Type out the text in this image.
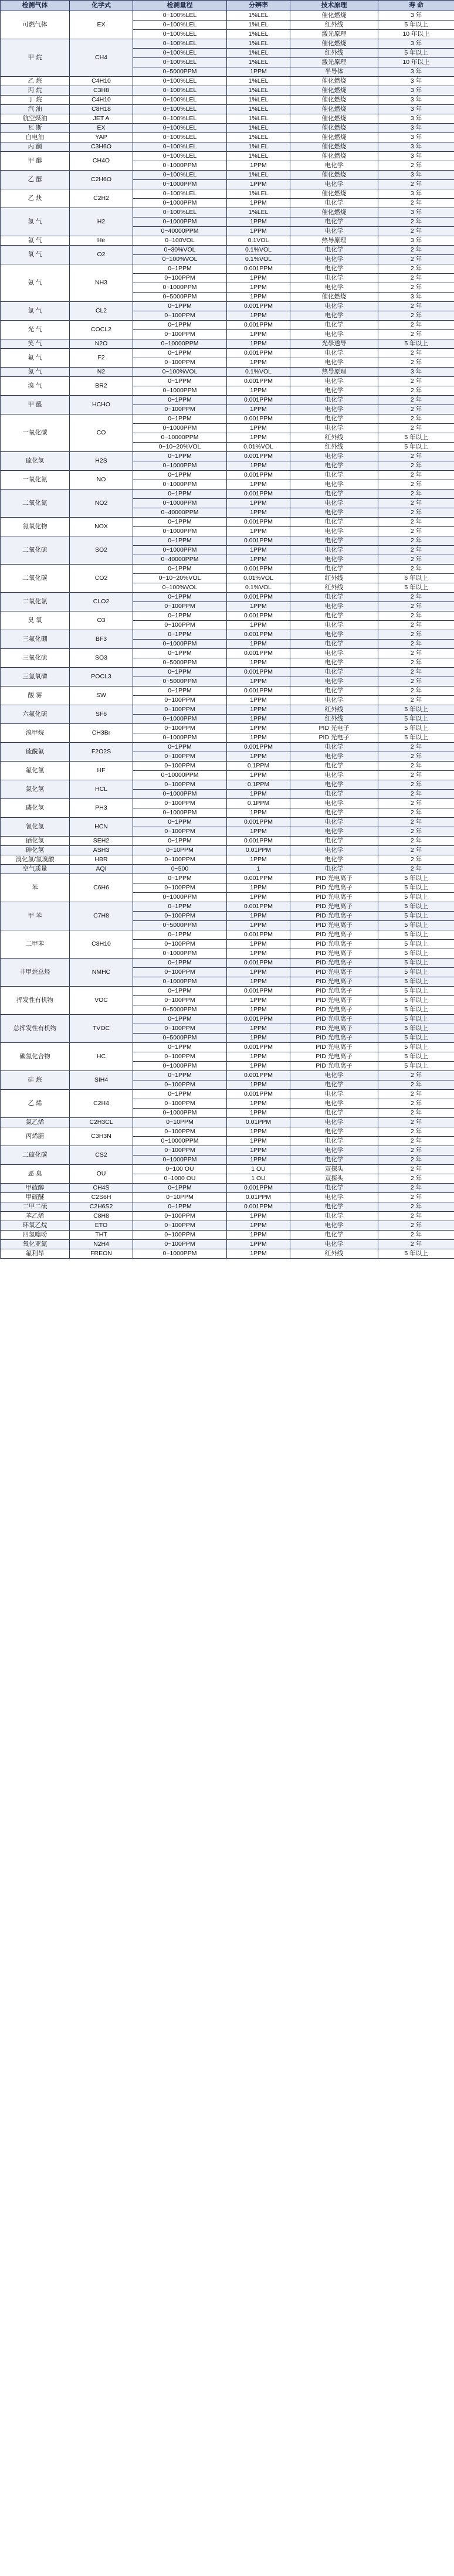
检测气体	化学式	检测量程	分辨率	技术原理	寿 命
可燃气体	EX	0~100%LEL	1%LEL	催化燃烧	3 年
		0~100%LEL	1%LEL	红外线	5 年以上
		0~100%LEL	1%LEL	激光原理	10 年以上
甲 烷	CH4	0~100%LEL	1%LEL	催化燃烧	3 年
		0~100%LEL	1%LEL	红外线	5 年以上
		0~100%LEL	1%LEL	激光原理	10 年以上
		0~5000PPM	1PPM	半导体	3 年
乙 烷	C4H10	0~100%LEL	1%LEL	催化燃烧	3 年
丙 烷	C3H8	0~100%LEL	1%LEL	催化燃烧	3 年
丁 烷	C4H10	0~100%LEL	1%LEL	催化燃烧	3 年
汽 油	C8H18	0~100%LEL	1%LEL	催化燃烧	3 年
航空煤油	JET A	0~100%LEL	1%LEL	催化燃烧	3 年
瓦 斯	EX	0~100%LEL	1%LEL	催化燃烧	3 年
白电油	YAP	0~100%LEL	1%LEL	催化燃烧	3 年
丙 酮	C3H6O	0~100%LEL	1%LEL	催化燃烧	3 年
甲 醇	CH4O	0~100%LEL	1%LEL	催化燃烧	3 年
		0~1000PPM	1PPM	电化学	2 年
乙 醇	C2H6O	0~100%LEL	1%LEL	催化燃烧	3 年
		0~1000PPM	1PPM	电化学	2 年
乙 炔	C2H2	0~100%LEL	1%LEL	催化燃烧	3 年
		0~1000PPM	1PPM	电化学	2 年
氢 气	H2	0~100%LEL	1%LEL	催化燃烧	3 年
		0~1000PPM	1PPM	电化学	2 年
		0~40000PPM	1PPM	电化学	2 年
氦 气	He	0~100VOL	0.1VOL	热导原理	3 年
氧 气	O2	0~30%VOL	0.1%VOL	电化学	2 年
		0~100%VOL	0.1%VOL	电化学	2 年
氨 气	NH3	0~1PPM	0.001PPM	电化学	2 年
		0~100PPM	1PPM	电化学	2 年
		0~1000PPM	1PPM	电化学	2 年
		0~5000PPM	1PPM	催化燃烧	3 年
氯 气	CL2	0~1PPM	0.001PPM	电化学	2 年
		0~100PPM	1PPM	电化学	2 年
光 气	COCL2	0~1PPM	0.001PPM	电化学	2 年
		0~100PPM	1PPM	电化学	2 年
笑 气	N2O	0~10000PPM	1PPM	光學透导	5 年以上
氟 气	F2	0~1PPM	0.001PPM	电化学	2 年
		0~100PPM	1PPM	电化学	2 年
氮 气	N2	0~100%VOL	0.1%VOL	热导原理	3 年
溴 气	BR2	0~1PPM	0.001PPM	电化学	2 年
		0~1000PPM	1PPM	电化学	2 年
甲 醛	HCHO	0~1PPM	0.001PPM	电化学	2 年
		0~100PPM	1PPM	电化学	2 年
一氧化碳	CO	0~1PPM	0.001PPM	电化学	2 年
		0~1000PPM	1PPM	电化学	2 年
		0~10000PPM	1PPM	红外线	5 年以上
		0~10~20%VOL	0.01%VOL	红外线	5 年以上
硫化氢	H2S	0~1PPM	0.001PPM	电化学	2 年
		0~1000PPM	1PPM	电化学	2 年
一氧化氮	NO	0~1PPM	0.001PPM	电化学	2 年
		0~1000PPM	1PPM	电化学	2 年
二氧化氮	NO2	0~1PPM	0.001PPM	电化学	2 年
		0~1000PPM	1PPM	电化学	2 年
		0~40000PPM	1PPM	电化学	2 年
氮氧化物	NOX	0~1PPM	0.001PPM	电化学	2 年
		0~1000PPM	1PPM	电化学	2 年
二氧化硫	SO2	0~1PPM	0.001PPM	电化学	2 年
		0~1000PPM	1PPM	电化学	2 年
		0~40000PPM	1PPM	电化学	2 年
二氧化碳	CO2	0~1PPM	0.001PPM	电化学	2 年
		0~10~20%VOL	0.01%VOL	红外线	6 年以上
		0~100%VOL	0.1%VOL	红外线	5 年以上
二氧化氯	CLO2	0~1PPM	0.001PPM	电化学	2 年
		0~100PPM	1PPM	电化学	2 年
臭 氧	O3	0~1PPM	0.001PPM	电化学	2 年
		0~100PPM	1PPM	电化学	2 年
三氟化硼	BF3	0~1PPM	0.001PPM	电化学	2 年
		0~1000PPM	1PPM	电化学	2 年
三氧化硫	SO3	0~1PPM	0.001PPM	电化学	2 年
		0~5000PPM	1PPM	电化学	2 年
三氯氧磷	POCL3	0~1PPM	0.001PPM	电化学	2 年
		0~5000PPM	1PPM	电化学	2 年
酸 雾	SW	0~1PPM	0.001PPM	电化学	2 年
		0~100PPM	1PPM	电化学	2 年
六氟化硫	SF6	0~100PPM	1PPM	红外线	5 年以上
		0~1000PPM	1PPM	红外线	5 年以上
溴甲烷	CH3Br	0~100PPM	1PPM	PID 光电子	5 年以上
		0~1000PPM	1PPM	PID 光电子	5 年以上
硫酰氟	F2O2S	0~1PPM	0.001PPM	电化学	2 年
		0~100PPM	1PPM	电化学	2 年
氟化氢	HF	0~100PPM	0.1PPM	电化学	2 年
		0~10000PPM	1PPM	电化学	2 年
氯化氢	HCL	0~100PPM	0.1PPM	电化学	2 年
		0~1000PPM	1PPM	电化学	2 年
磷化氢	PH3	0~100PPM	0.1PPM	电化学	2 年
		0~1000PPM	1PPM	电化学	2 年
氰化氢	HCN	0~1PPM	0.001PPM	电化学	2 年
		0~100PPM	1PPM	电化学	2 年
硒化氢	SEH2	0~1PPM	0.001PPM	电化学	2 年
砷化氢	ASH3	0~10PPM	0.01PPM	电化学	2 年
溴化氢/氢溴酸	HBR	0~100PPM	1PPM	电化学	2 年
空气质量	AQI	0~500	1	电化学	2 年
苯	C6H6	0~1PPM	0.001PPM	PID 光电离子	5 年以上
		0~100PPM	1PPM	PID 光电离子	5 年以上
		0~1000PPM	1PPM	PID 光电离子	5 年以上
甲 苯	C7H8	0~1PPM	0.001PPM	PID 光电离子	5 年以上
		0~100PPM	1PPM	PID 光电离子	5 年以上
		0~5000PPM	1PPM	PID 光电离子	5 年以上
二甲苯	C8H10	0~1PPM	0.001PPM	PID 光电离子	5 年以上
		0~100PPM	1PPM	PID 光电离子	5 年以上
		0~1000PPM	1PPM	PID 光电离子	5 年以上
非甲烷总烃	NMHC	0~1PPM	0.001PPM	PID 光电离子	5 年以上
		0~100PPM	1PPM	PID 光电离子	5 年以上
		0~1000PPM	1PPM	PID 光电离子	5 年以上
挥发性有机物	VOC	0~1PPM	0.001PPM	PID 光电离子	5 年以上
		0~100PPM	1PPM	PID 光电离子	5 年以上
		0~5000PPM	1PPM	PID 光电离子	5 年以上
总挥发性有机物	TVOC	0~1PPM	0.001PPM	PID 光电离子	5 年以上
		0~100PPM	1PPM	PID 光电离子	5 年以上
		0~5000PPM	1PPM	PID 光电离子	5 年以上
碳氢化合物	HC	0~1PPM	0.001PPM	PID 光电离子	5 年以上
		0~100PPM	1PPM	PID 光电离子	5 年以上
		0~1000PPM	1PPM	PID 光电离子	5 年以上
硅 烷	SIH4	0~1PPM	0.001PPM	电化学	2 年
		0~100PPM	1PPM	电化学	2 年
乙 烯	C2H4	0~1PPM	0.001PPM	电化学	2 年
		0~100PPM	1PPM	电化学	2 年
		0~1000PPM	1PPM	电化学	2 年
氯乙烯	C2H3CL	0~10PPM	0.01PPM	电化学	2 年
丙烯腈	C3H3N	0~100PPM	1PPM	电化学	2 年
		0~10000PPM	1PPM	电化学	2 年
二硫化碳	CS2	0~100PPM	1PPM	电化学	2 年
		0~1000PPM	1PPM	电化学	2 年
恶 臭	OU	0~100 OU	1 OU	双探头	2 年
		0~1000 OU	1 OU	双探头	2 年
甲硫醇	CH4S	0~1PPM	0.001PPM	电化学	2 年
甲硫醚	C2S6H	0~10PPM	0.01PPM	电化学	2 年
二甲二硫	C2H6S2	0~1PPM	0.001PPM	电化学	2 年
苯乙烯	C8H8	0~100PPM	1PPM	电化学	2 年
环氧乙烷	ETO	0~100PPM	1PPM	电化学	2 年
四氢噻吩	THT	0~100PPM	1PPM	电化学	2 年
氧化亚氮	N2H4	0~100PPM	1PPM	电化学	2 年
氟利昂	FREON	0~1000PPM	1PPM	红外线	5 年以上
